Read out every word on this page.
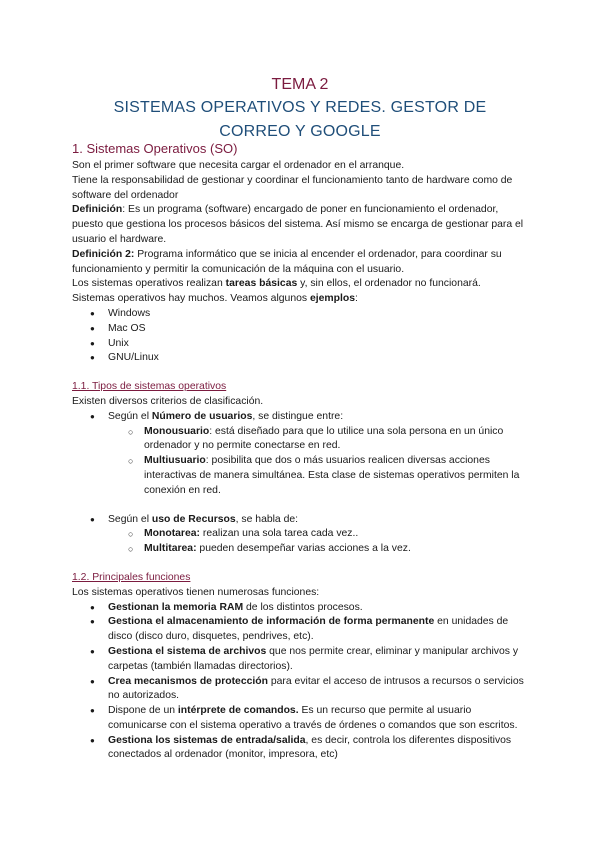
TEMA 2
SISTEMAS OPERATIVOS Y REDES. GESTOR DE
CORREO Y GOOGLE
1. Sistemas Operativos (SO)

Son el primer software que necesita cargar el ordenador en el arranque.

Tiene la responsabilidad de gestionar y coordinar el funcionamiento tanto de hardware como de software del ordenador

Definición: Es un programa (software) encargado de poner en funcionamiento el ordenador, puesto que gestiona los procesos básicos del sistema. Así mismo se encarga de gestionar para el usuario el hardware.

Definición 2: Programa informático que se inicia al encender el ordenador, para coordinar su funcionamiento y permitir la comunicación de la máquina con el usuario.

Los sistemas operativos realizan tareas básicas y, sin ellos, el ordenador no funcionará.

Sistemas operativos hay muchos. Veamos algunos ejemplos:

● Windows
● Mac OS
● Unix
● GNU/Linux

1.1. Tipos de sistemas operativos

Existen diversos criterios de clasificación.

● Según el Número de usuarios, se distingue entre:
○ Monousuario: está diseñado para que lo utilice una sola persona en un único ordenador y no permite conectarse en red.
○ Multiusuario: posibilita que dos o más usuarios realicen diversas acciones interactivas de manera simultánea. Esta clase de sistemas operativos permiten la conexión en red.
● Según el uso de Recursos, se habla de:
○ Monotarea: realizan una sola tarea cada vez..
○ Multitarea: pueden desempeñar varias acciones a la vez.

1.2. Principales funciones

Los sistemas operativos tienen numerosas funciones:

● Gestionan la memoria RAM de los distintos procesos.
● Gestiona el almacenamiento de información de forma permanente en unidades de disco (disco duro, disquetes, pendrives, etc).
● Gestiona el sistema de archivos que nos permite crear, eliminar y manipular archivos y carpetas (también llamadas directorios).
● Crea mecanismos de protección para evitar el acceso de intrusos a recursos o servicios no autorizados.
● Dispone de un intérprete de comandos. Es un recurso que permite al usuario comunicarse con el sistema operativo a través de órdenes o comandos que son escritos.
● Gestiona los sistemas de entrada/salida, es decir, controla los diferentes dispositivos conectados al ordenador (monitor, impresora, etc)
